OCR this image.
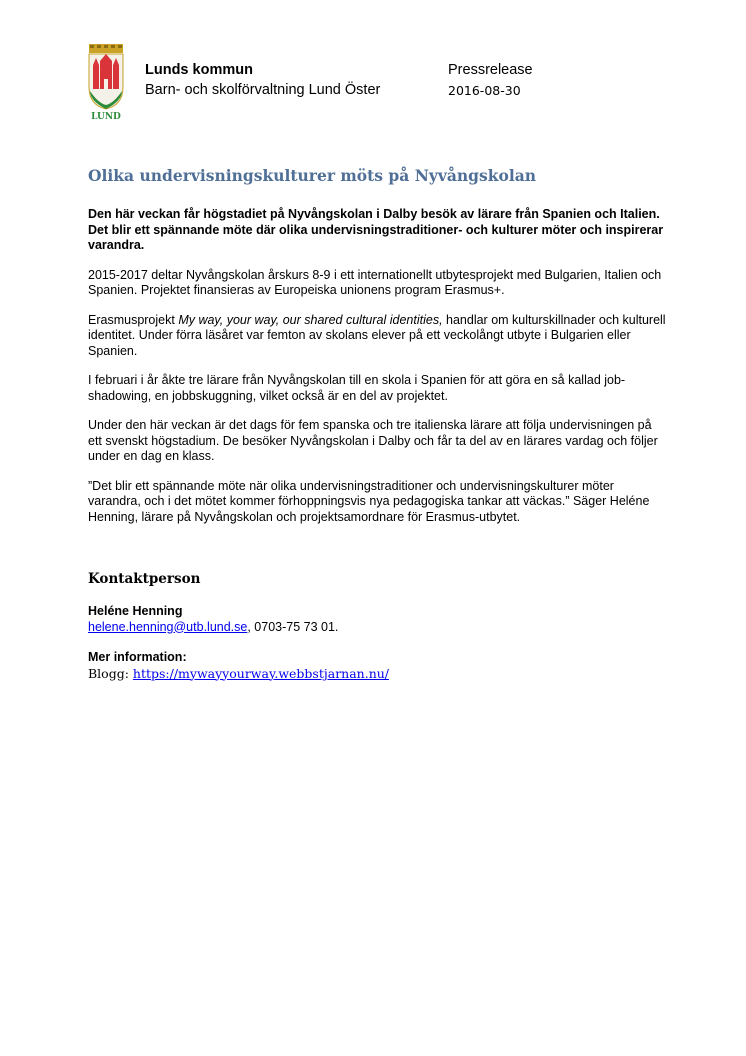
LUND
Lunds kommun
Barn- och skolförvaltning Lund Öster
Pressrelease
2016-08-30
Olika undervisningskulturer möts på Nyvångskolan

Den här veckan får högstadiet på Nyvångskolan i Dalby besök av lärare från Spanien och Italien. Det blir ett spännande möte där olika undervisningstraditioner- och kulturer möter och inspirerar varandra.

2015-2017 deltar Nyvångskolan årskurs 8-9 i ett internationellt utbytesprojekt med Bulgarien, Italien och Spanien. Projektet finansieras av Europeiska unionens program Erasmus+.

Erasmusprojekt My way, your way, our shared cultural identities, handlar om kulturskillnader och kulturell identitet. Under förra läsåret var femton av skolans elever på ett veckolångt utbyte i Bulgarien eller Spanien.

I februari i år åkte tre lärare från Nyvångskolan till en skola i Spanien för att göra en så kallad job-shadowing, en jobbskuggning, vilket också är en del av projektet.

Under den här veckan är det dags för fem spanska och tre italienska lärare att följa undervisningen på ett svenskt högstadium. De besöker Nyvångskolan i Dalby och får ta del av en lärares vardag och följer under en dag en klass.

”Det blir ett spännande möte när olika undervisningstraditioner och undervisningskulturer möter varandra, och i det mötet kommer förhoppningsvis nya pedagogiska tankar att väckas.” Säger Heléne Henning, lärare på Nyvångskolan och projektsamordnare för Erasmus-utbytet.

Kontaktperson

Heléne Henning

helene.henning@utb.lund.se, 0703-75 73 01.

Mer information:

Blogg: https://mywayyourway.webbstjarnan.nu/
